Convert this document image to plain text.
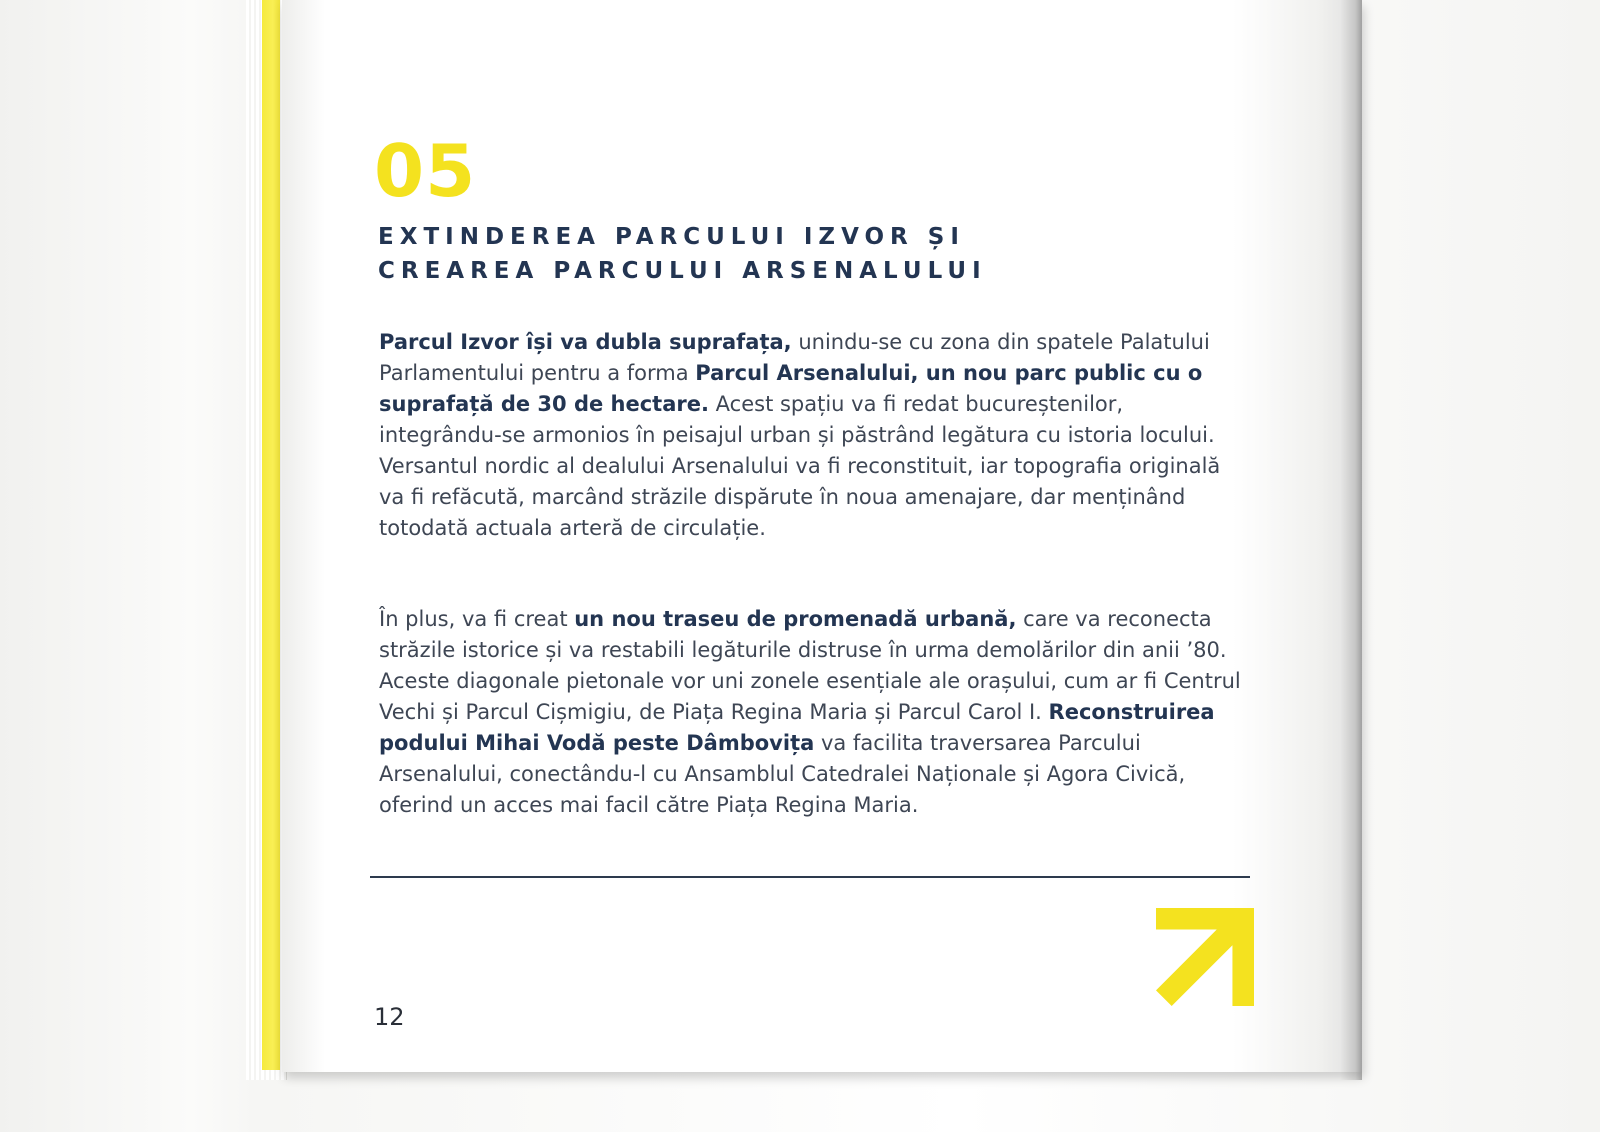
05
EXTINDEREA PARCULUI IZVOR ȘI
CREAREA PARCULUI ARSENALULUI
Parcul Izvor își va dubla suprafața, unindu-se cu zona din spatele Palatului Parlamentului pentru a forma Parcul Arsenalului, un nou parc public cu o suprafață de 30 de hectare. Acest spațiu va fi redat bucureștenilor, integrându-se armonios în peisajul urban și păstrând legătura cu istoria locului. Versantul nordic al dealului Arsenalului va fi reconstituit, iar topografia originală va fi refăcută, marcând străzile dispărute în noua amenajare, dar menținând totodată actuala arteră de circulație.
În plus, va fi creat un nou traseu de promenadă urbană, care va reconecta străzile istorice și va restabili legăturile distruse în urma demolărilor din anii ’80. Aceste diagonale pietonale vor uni zonele esențiale ale orașului, cum ar fi Centrul Vechi și Parcul Cișmigiu, de Piața Regina Maria și Parcul Carol I. Reconstruirea podului Mihai Vodă peste Dâmbovița va facilita traversarea Parcului Arsenalului, conectându-l cu Ansamblul Catedralei Naționale și Agora Civică, oferind un acces mai facil către Piața Regina Maria.
12
